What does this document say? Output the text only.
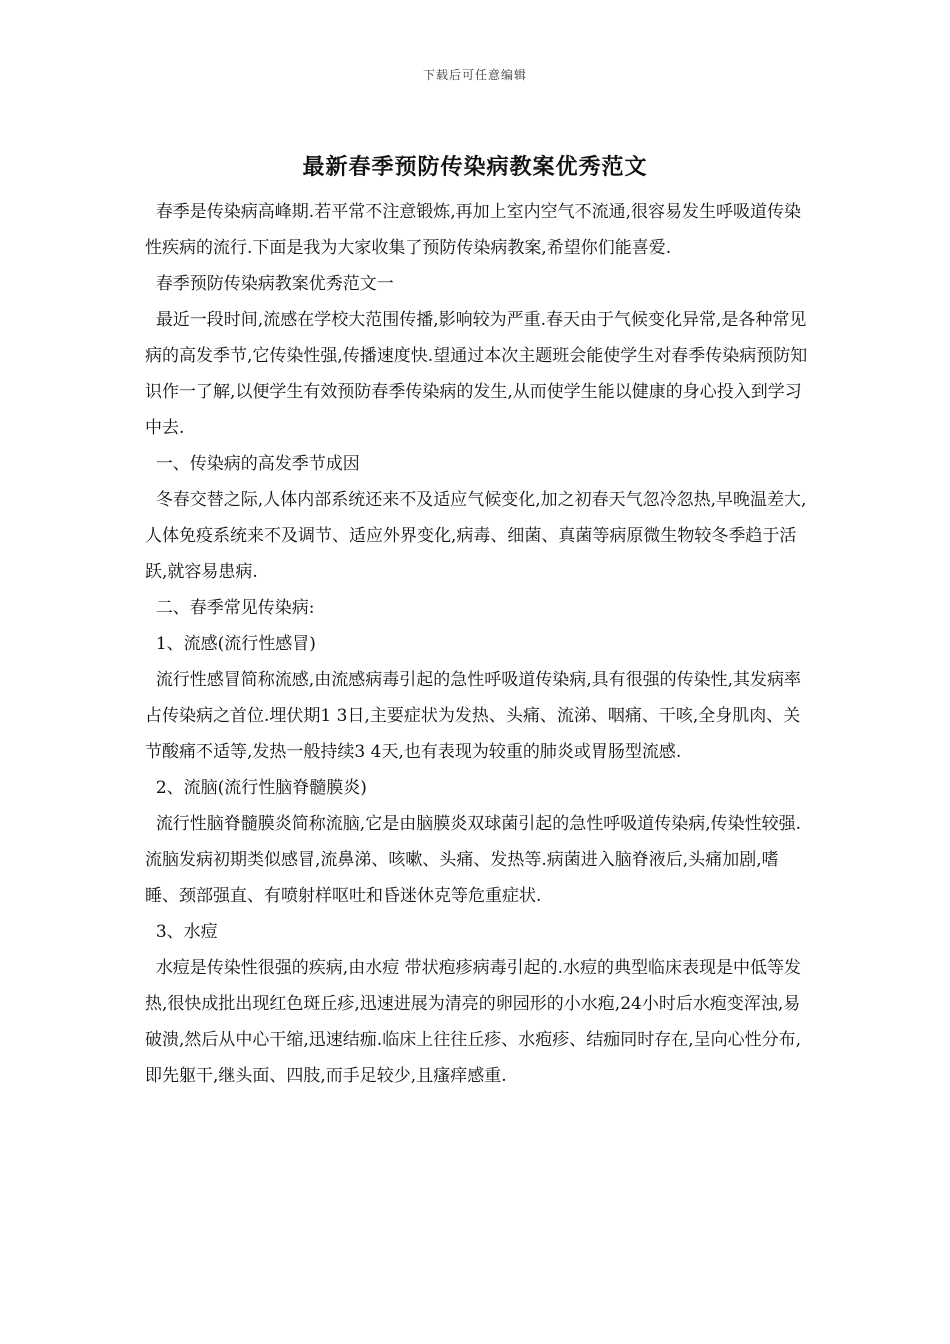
下载后可任意编辑
最新春季预防传染病教案优秀范文

春季是传染病高峰期.若平常不注意锻炼,再加上室内空气不流通,很容易发生呼吸道传染性疾病的流行.下面是我为大家收集了预防传染病教案,希望你们能喜爱.

春季预防传染病教案优秀范文一

最近一段时间,流感在学校大范围传播,影响较为严重.春天由于气候变化异常,是各种常见病的高发季节,它传染性强,传播速度快.望通过本次主题班会能使学生对春季传染病预防知识作一了解,以便学生有效预防春季传染病的发生,从而使学生能以健康的身心投入到学习中去.

一、传染病的高发季节成因

冬春交替之际,人体内部系统还来不及适应气候变化,加之初春天气忽冷忽热,早晚温差大,人体免疫系统来不及调节、适应外界变化,病毒、细菌、真菌等病原微生物较冬季趋于活跃,就容易患病.

二、春季常见传染病:

1、流感(流行性感冒)

流行性感冒简称流感,由流感病毒引起的急性呼吸道传染病,具有很强的传染性,其发病率占传染病之首位.埋伏期1 3日,主要症状为发热、头痛、流涕、咽痛、干咳,全身肌肉、关节酸痛不适等,发热一般持续3 4天,也有表现为较重的肺炎或胃肠型流感.

2、流脑(流行性脑脊髓膜炎)

流行性脑脊髓膜炎简称流脑,它是由脑膜炎双球菌引起的急性呼吸道传染病,传染性较强.流脑发病初期类似感冒,流鼻涕、咳嗽、头痛、发热等.病菌进入脑脊液后,头痛加剧,嗜睡、颈部强直、有喷射样呕吐和昏迷休克等危重症状.

3、水痘

水痘是传染性很强的疾病,由水痘 带状疱疹病毒引起的.水痘的典型临床表现是中低等发热,很快成批出现红色斑丘疹,迅速进展为清亮的卵园形的小水疱,24小时后水疱变浑浊,易破溃,然后从中心干缩,迅速结痂.临床上往往丘疹、水疱疹、结痂同时存在,呈向心性分布,即先躯干,继头面、四肢,而手足较少,且瘙痒感重.
